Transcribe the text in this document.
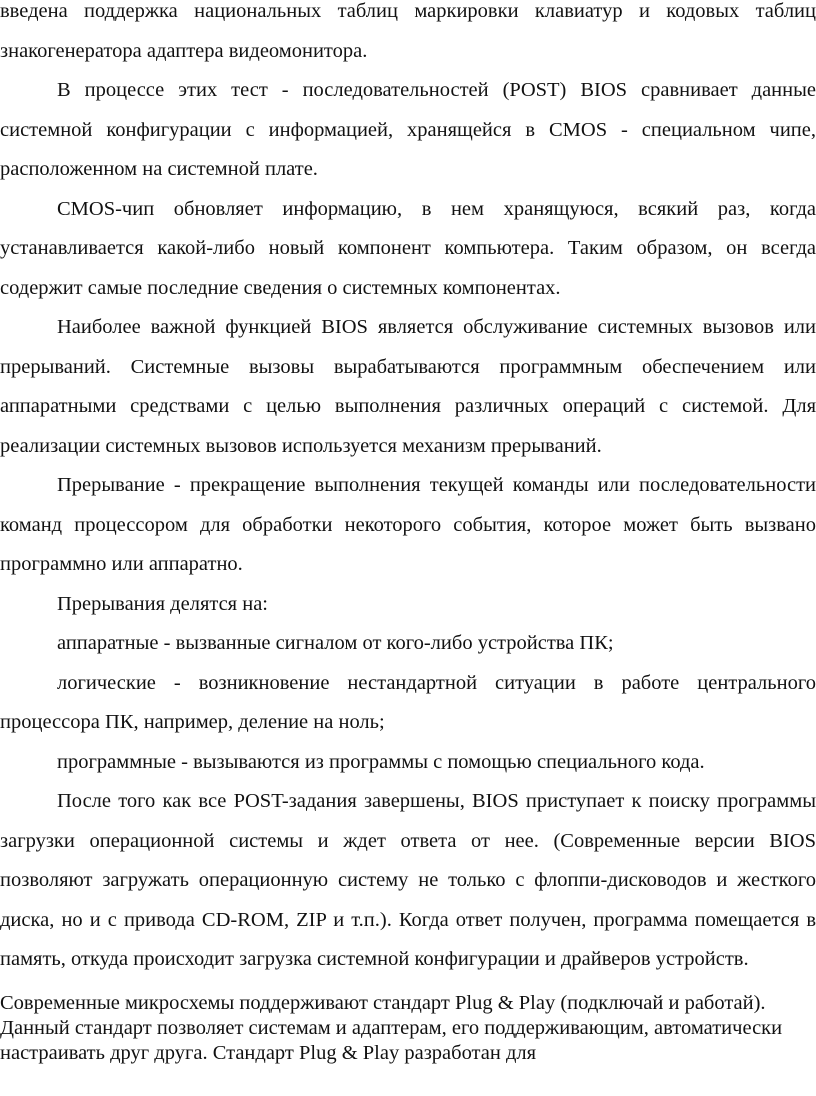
введена поддержка национальных таблиц маркировки клавиатур и кодовых таблиц знакогенератора адаптера видеомонитора.

В процессе этих тест - последовательностей (POST) BIOS сравнивает данные системной конфигурации с информацией, хранящейся в CMOS - специальном чипе, расположенном на системной плате.

CMOS-чип обновляет информацию, в нем хранящуюся, всякий раз, когда устанавливается какой-либо новый компонент компьютера. Таким образом, он всегда содержит самые последние сведения о системных компонентах.

Наиболее важной функцией BIOS является обслуживание системных вызовов или прерываний. Системные вызовы вырабатываются программным обеспечением или аппаратными средствами с целью выполнения различных операций с системой. Для реализации системных вызовов используется механизм прерываний.

Прерывание - прекращение выполнения текущей команды или последовательности команд процессором для обработки некоторого события, которое может быть вызвано программно или аппаратно.

Прерывания делятся на:

аппаратные - вызванные сигналом от кого-либо устройства ПК;

логические - возникновение нестандартной ситуации в работе центрального процессора ПК, например, деление на ноль;

программные - вызываются из программы с помощью специального кода.

После того как все POST-задания завершены, BIOS приступает к поиску программы загрузки операционной системы и ждет ответа от нее. (Современные версии BIOS позволяют загружать операционную систему не только с флоппи-дисководов и жесткого диска, но и с привода CD-ROM, ZIP и т.п.). Когда ответ получен, программа помещается в память, откуда происходит загрузка системной конфигурации и драйверов устройств.

Современные микросхемы поддерживают стандарт Plug & Play (подключай и работай). Данный стандарт позволяет системам и адаптерам, его поддерживающим, автоматически настраивать друг друга. Стандарт Plug & Play разработан для
